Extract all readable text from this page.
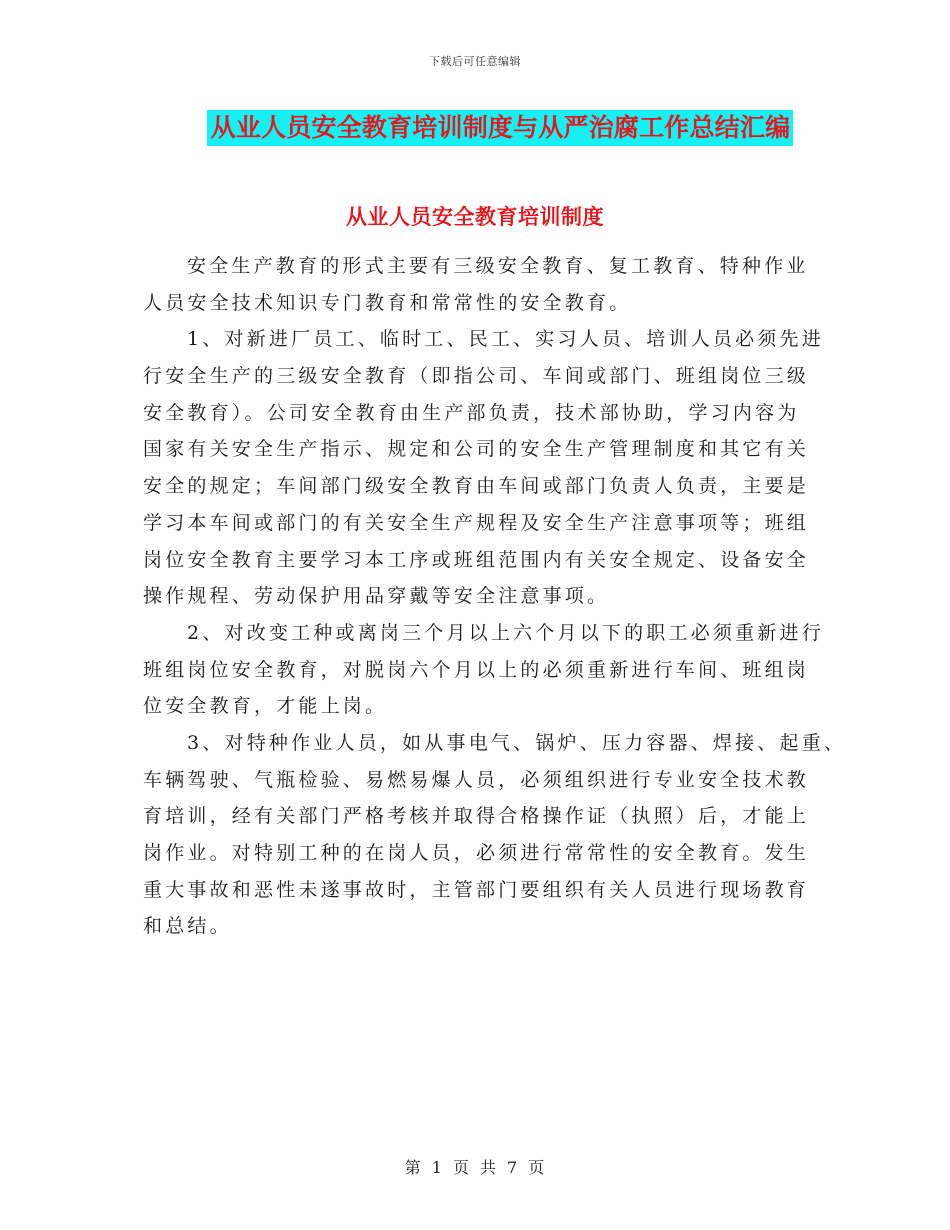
下载后可任意编辑
从业人员安全教育培训制度与从严治腐工作总结汇编
从业人员安全教育培训制度
安全生产教育的形式主要有三级安全教育、复工教育、特种作业
人员安全技术知识专门教育和常常性的安全教育。
1、对新进厂员工、临时工、民工、实习人员、培训人员必须先进
行安全生产的三级安全教育（即指公司、车间或部门、班组岗位三级
安全教育）。公司安全教育由生产部负责，技术部协助，学习内容为
国家有关安全生产指示、规定和公司的安全生产管理制度和其它有关
安全的规定；车间部门级安全教育由车间或部门负责人负责，主要是
学习本车间或部门的有关安全生产规程及安全生产注意事项等；班组
岗位安全教育主要学习本工序或班组范围内有关安全规定、设备安全
操作规程、劳动保护用品穿戴等安全注意事项。
2、对改变工种或离岗三个月以上六个月以下的职工必须重新进行
班组岗位安全教育，对脱岗六个月以上的必须重新进行车间、班组岗
位安全教育，才能上岗。
3、对特种作业人员，如从事电气、锅炉、压力容器、焊接、起重、
车辆驾驶、气瓶检验、易燃易爆人员，必须组织进行专业安全技术教
育培训，经有关部门严格考核并取得合格操作证（执照）后，才能上
岗作业。对特别工种的在岗人员，必须进行常常性的安全教育。发生
重大事故和恶性未遂事故时，主管部门要组织有关人员进行现场教育
和总结。
第 1 页 共 7 页
